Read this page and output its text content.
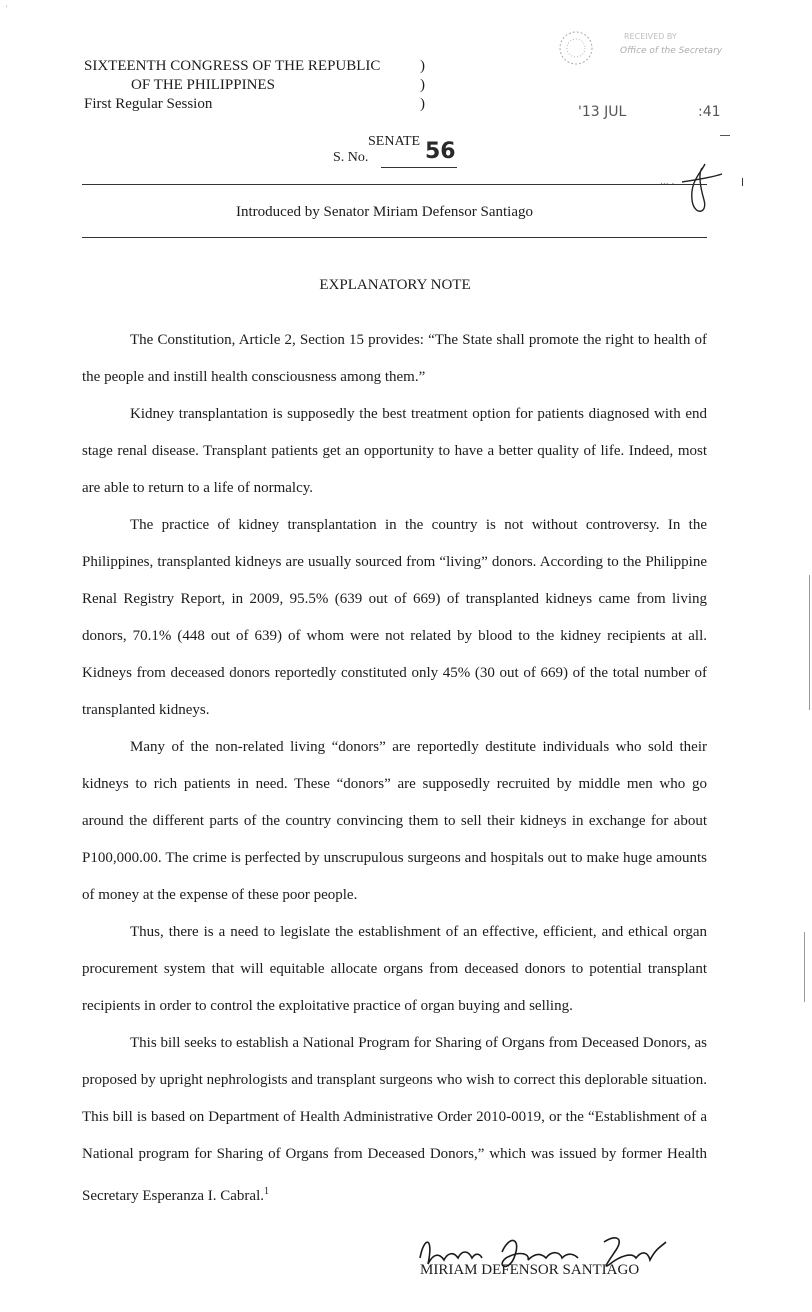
SIXTEENTH CONGRESS OF THE REPUBLIC
OF THE PHILIPPINES
First Regular Session
)
)
)
RECEIVED BY
Office of the Secretary
'13 JUL	:41
SENATE
S. No.	56
... .
Introduced by Senator Miriam Defensor Santiago
EXPLANATORY NOTE

The Constitution, Article 2, Section 15 provides: “The State shall promote the right to health of the people and instill health consciousness among them.”

Kidney transplantation is supposedly the best treatment option for patients diagnosed with end stage renal disease. Transplant patients get an opportunity to have a better quality of life. Indeed, most are able to return to a life of normalcy.

The practice of kidney transplantation in the country is not without controversy. In the Philippines, transplanted kidneys are usually sourced from “living” donors. According to the Philippine Renal Registry Report, in 2009, 95.5% (639 out of 669) of transplanted kidneys came from living donors, 70.1% (448 out of 639) of whom were not related by blood to the kidney recipients at all. Kidneys from deceased donors reportedly constituted only 45% (30 out of 669) of the total number of transplanted kidneys.

Many of the non-related living “donors” are reportedly destitute individuals who sold their kidneys to rich patients in need. These “donors” are supposedly recruited by middle men who go around the different parts of the country convincing them to sell their kidneys in exchange for about P100,000.00. The crime is perfected by unscrupulous surgeons and hospitals out to make huge amounts of money at the expense of these poor people.

Thus, there is a need to legislate the establishment of an effective, efficient, and ethical organ procurement system that will equitable allocate organs from deceased donors to potential transplant recipients in order to control the exploitative practice of organ buying and selling.

This bill seeks to establish a National Program for Sharing of Organs from Deceased Donors, as proposed by upright nephrologists and transplant surgeons who wish to correct this deplorable situation. This bill is based on Department of Health Administrative Order 2010-0019, or the “Establishment of a National program for Sharing of Organs from Deceased Donors,” which was issued by former Health Secretary Esperanza I. Cabral.$^1$

MIRIAM DEFENSOR SANTIAGO
'
